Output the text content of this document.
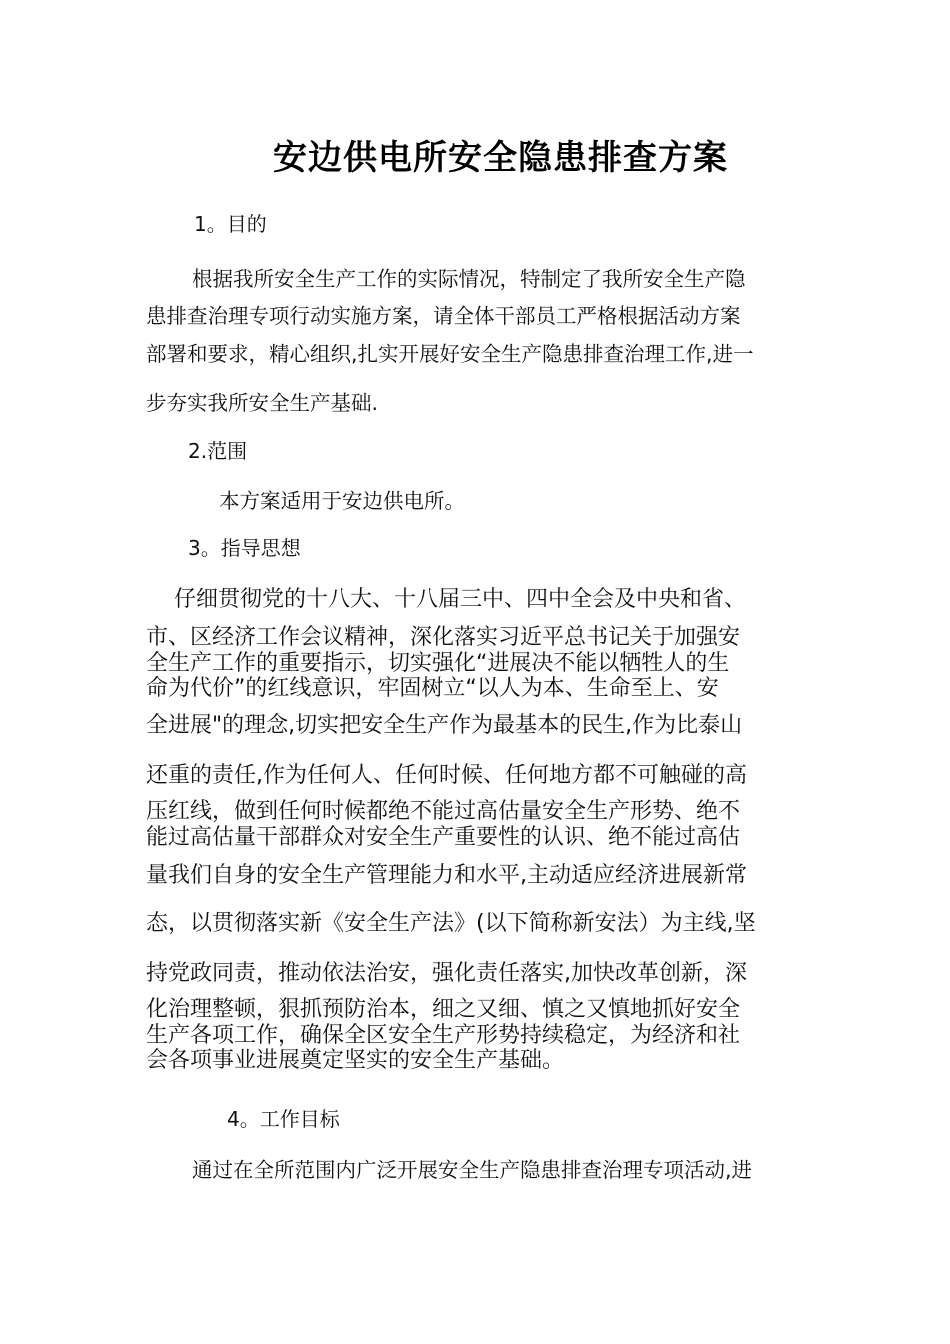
安边供电所安全隐患排查方案
1。目的
根据我所安全生产工作的实际情况，特制定了我所安全生产隐
患排查治理专项行动实施方案，请全体干部员工严格根据活动方案
部署和要求，精心组织,扎实开展好安全生产隐患排查治理工作,进一
步夯实我所安全生产基础.
2.范围
本方案适用于安边供电所。
3。指导思想
仔细贯彻党的十八大、十八届三中、四中全会及中央和省、
市、区经济工作会议精神，深化落实习近平总书记关于加强安
全生产工作的重要指示，切实强化“进展决不能以牺牲人的生
命为代价”的红线意识，牢固树立“以人为本、生命至上、安
全进展"的理念,切实把安全生产作为最基本的民生,作为比泰山
还重的责任,作为任何人、任何时候、任何地方都不可触碰的高
压红线，做到任何时候都绝不能过高估量安全生产形势、绝不
能过高估量干部群众对安全生产重要性的认识、绝不能过高估
量我们自身的安全生产管理能力和水平,主动适应经济进展新常
态，以贯彻落实新《安全生产法》(以下简称新安法）为主线,坚
持党政同责，推动依法治安，强化责任落实,加快改革创新，深
化治理整顿，狠抓预防治本，细之又细、慎之又慎地抓好安全
生产各项工作，确保全区安全生产形势持续稳定，为经济和社
会各项事业进展奠定坚实的安全生产基础。
4。工作目标
通过在全所范围内广泛开展安全生产隐患排查治理专项活动,进
